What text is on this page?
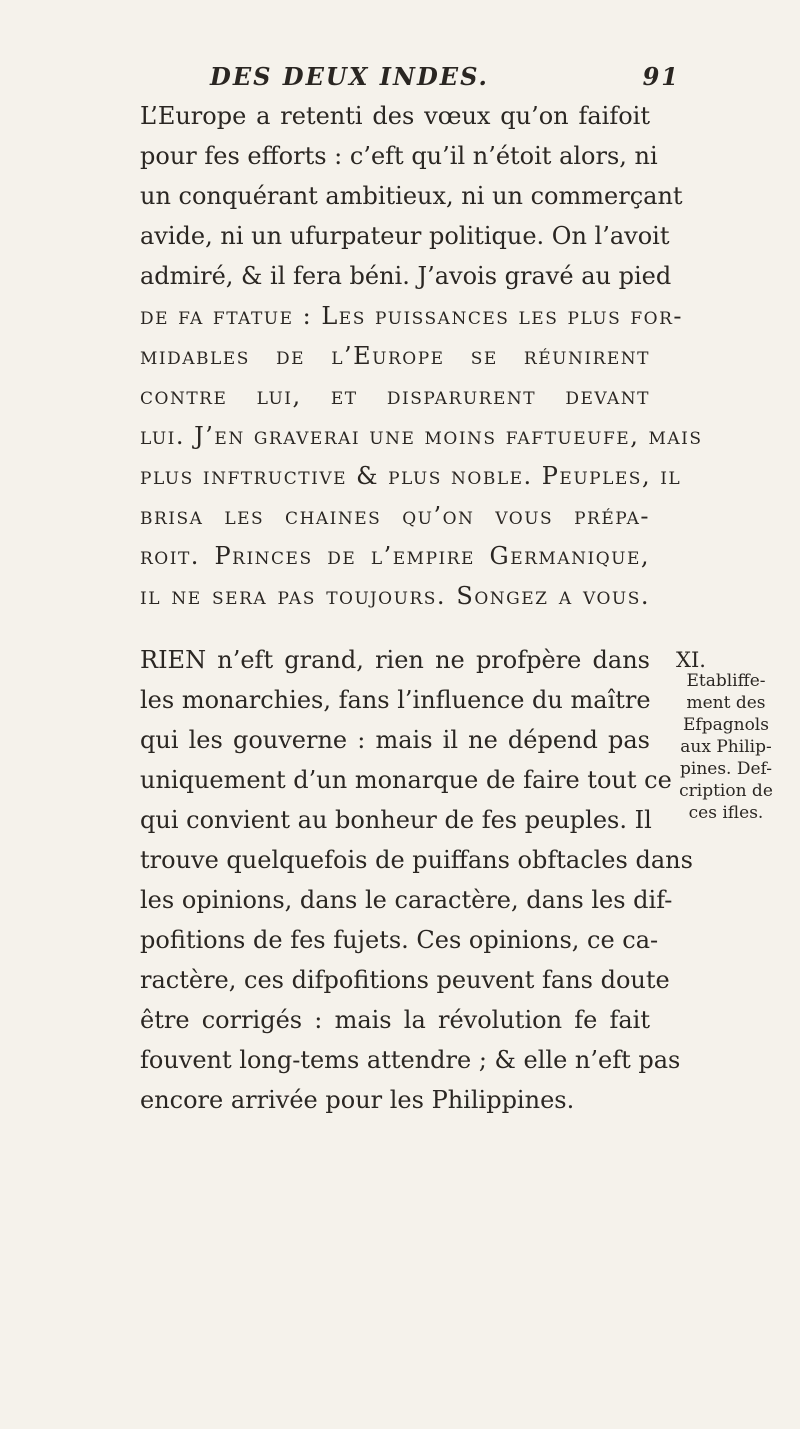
DES DEUX INDES.	91
L’Europe a retenti des vœux qu’on faifoit
pour fes efforts : c’eft qu’il n’étoit alors, ni
un conquérant ambitieux, ni un commerçant
avide, ni un ufurpateur politique. On l’avoit
admiré, & il fera béni. J’avois gravé au pied
de fa ftatue : Les puissances les plus for-
midables de l’Europe se réunirent
contre lui, et disparurent devant
lui. J’en graverai une moins faftueufe, mais
plus inftructive & plus noble. Peuples, il
brisa les chaines qu’on vous prépa-
roit. Princes de l’empire Germanique,
il ne sera pas toujours. Songez a vous.
RIEN n’eft grand, rien ne profpère dans
les monarchies, fans l’influence du maître
qui les gouverne : mais il ne dépend pas
uniquement d’un monarque de faire tout ce
qui convient au bonheur de fes peuples. Il
trouve quelquefois de puiffans obftacles dans
les opinions, dans le caractère, dans les dif-
pofitions de fes fujets. Ces opinions, ce ca-
ractère, ces difpofitions peuvent fans doute
être corrigés : mais la révolution fe fait
fouvent long-tems attendre ; & elle n’eft pas
encore arrivée pour les Philippines.
XI.
Etabliffe-
ment des
Efpagnols
aux Philip-
pines. Def-
cription de
ces ifles.
